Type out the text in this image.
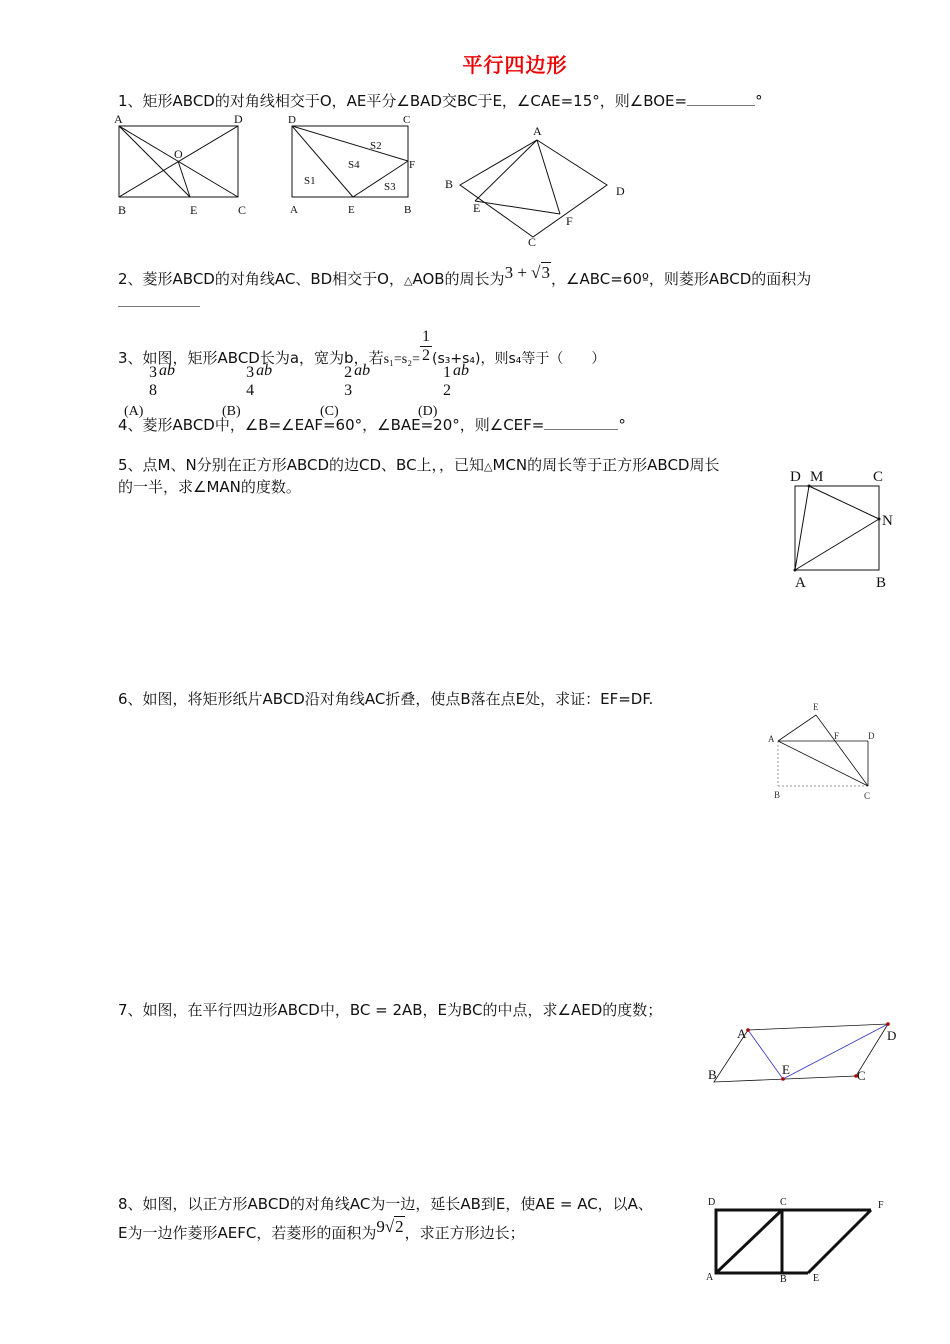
平行四边形
1、矩形ABCD的对角线相交于O，AE平分∠BAD交BC于E，∠CAE=15°，则∠BOE=	°
A	D
O
B	E	C
D	C
S2
S4	F
S1	S3
A	E	B
A
B	D
E
F
C
2、菱形ABCD的对角线AC、BD相交于O，△AOB的周长为3 + √3，∠ABC=60º，则菱形ABCD的面积为
3、如图，矩形ABCD长为a，宽为b，若$s_1=s_2= \frac{1}{2} (s_3+s_4)$，则s₄等于（　　）
(A)
3
8
ab
(B)
3
4
ab
(C)
2
3
ab
(D)
1
2
ab
4、菱形ABCD中，∠B=∠EAF=60°，∠BAE=20°，则∠CEF=	°
5、点M、N分别在正方形ABCD的边CD、BC上，，已知△MCN的周长等于正方形ABCD周长
的一半，求∠MAN的度数。
D M	C
N
A	B
6、如图，将矩形纸片ABCD沿对角线AC折叠，使点B落在点E处，求证：EF=DF.	E
A	F	D
B	C
7、如图，在平行四边形ABCD中，BC = 2AB，E为BC的中点，求∠AED的度数；
A	D
B	E	C
8、如图，以正方形ABCD的对角线AC为一边，延长AB到E，使AE = AC，以A、
E为一边作菱形AEFC，若菱形的面积为9√2，求正方形边长；
D	C	F
A	B	E
